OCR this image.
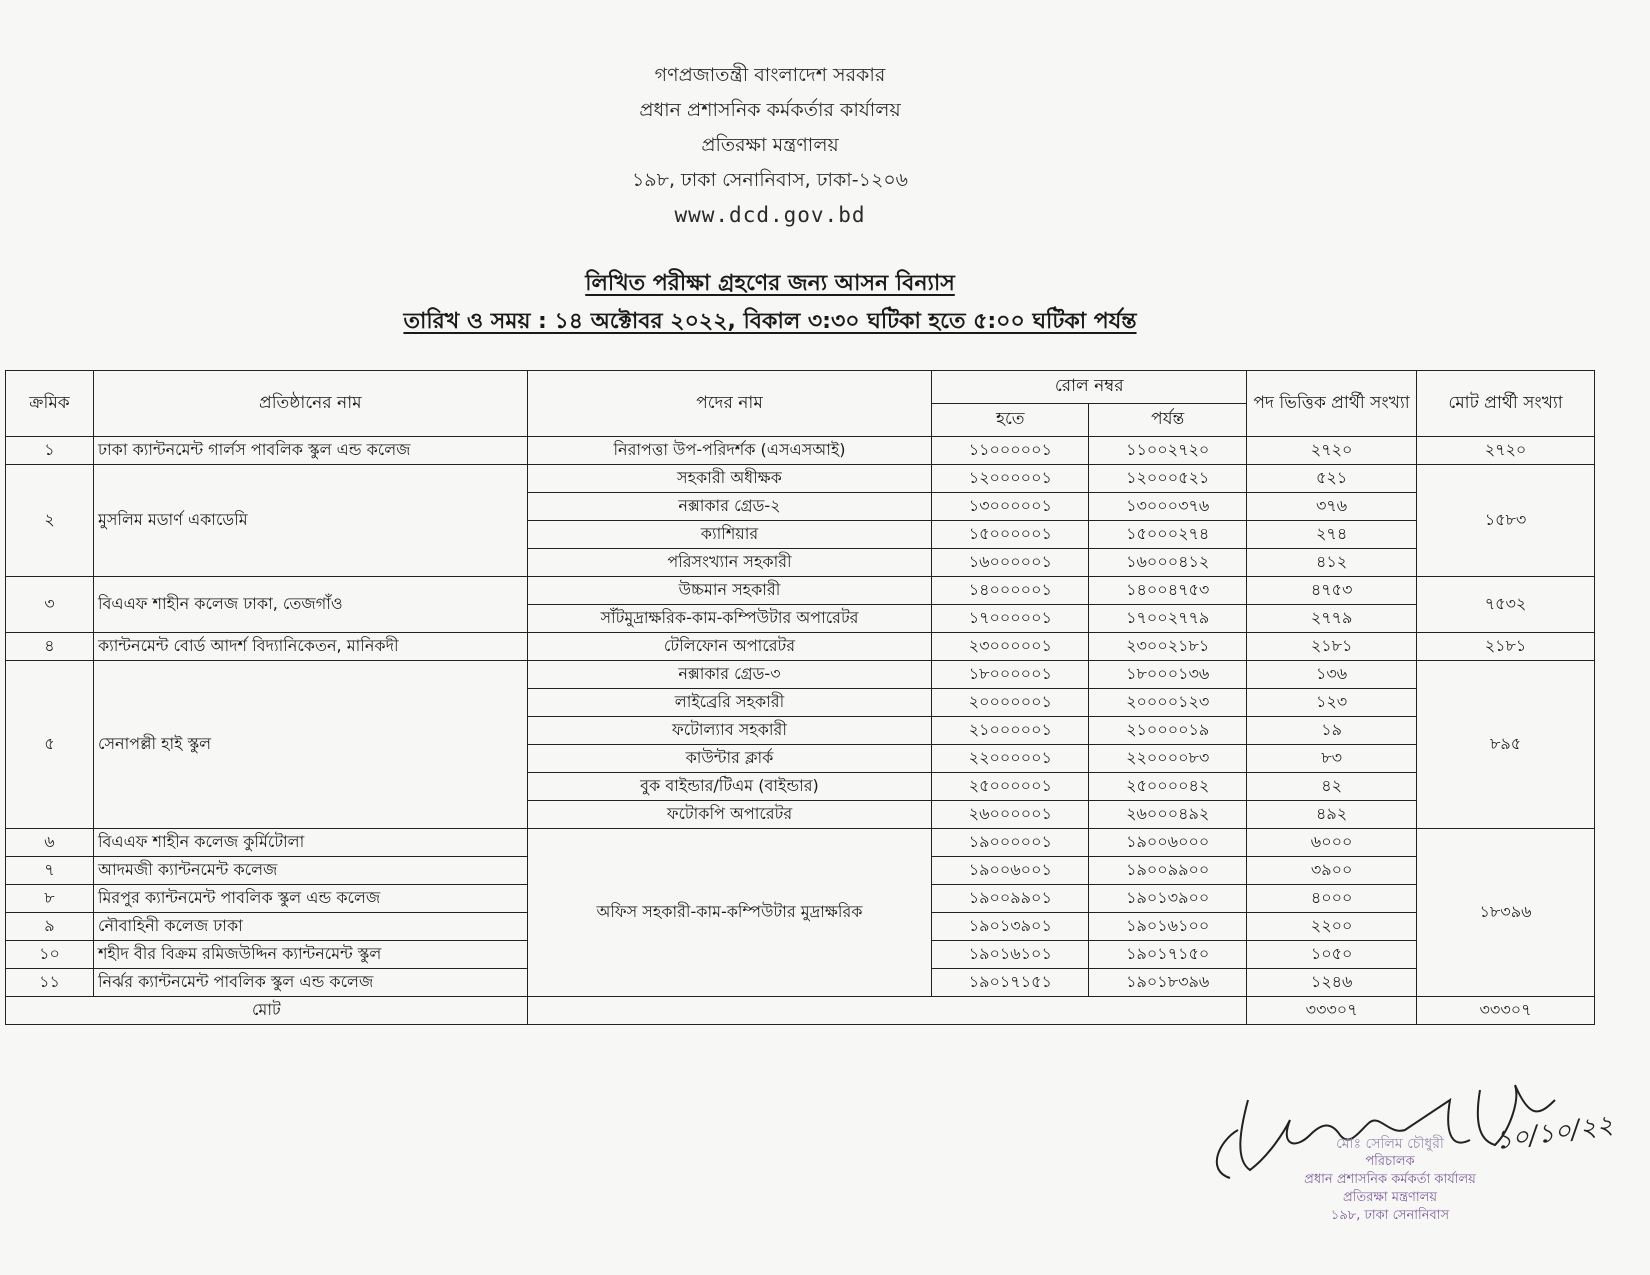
গণপ্রজাতন্ত্রী বাংলাদেশ সরকার
প্রধান প্রশাসনিক কর্মকর্তার কার্যালয়
প্রতিরক্ষা মন্ত্রণালয়
১৯৮, ঢাকা সেনানিবাস, ঢাকা-১২০৬
www.dcd.gov.bd
লিখিত পরীক্ষা গ্রহণের জন্য আসন বিন্যাস
তারিখ ও সময় : ১৪ অক্টোবর ২০২২, বিকাল ৩:৩০ ঘটিকা হতে ৫:০০ ঘটিকা পর্যন্ত
ক্রমিক	প্রতিষ্ঠানের নাম	পদের নাম	রোল নম্বর		পদ ভিত্তিক প্রার্থী সংখ্যা	মোট প্রার্থী সংখ্যা
			হতে	পর্যন্ত		
১	ঢাকা ক্যান্টনমেন্ট গার্লস পাবলিক স্কুল এন্ড কলেজ	নিরাপত্তা উপ-পরিদর্শক (এসএসআই)	১১০০০০০১	১১০০২৭২০	২৭২০	২৭২০
২	মুসলিম মডার্ণ একাডেমি	সহকারী অধীক্ষক	১২০০০০০১	১২০০০৫২১	৫২১	১৫৮৩
		নক্সাকার গ্রেড-২	১৩০০০০০১	১৩০০০৩৭৬	৩৭৬	
		ক্যাশিয়ার	১৫০০০০০১	১৫০০০২৭৪	২৭৪	
		পরিসংখ্যান সহকারী	১৬০০০০০১	১৬০০০৪১২	৪১২	
৩	বিএএফ শাহীন কলেজ ঢাকা, তেজগাঁও	উচ্চমান সহকারী	১৪০০০০০১	১৪০০৪৭৫৩	৪৭৫৩	৭৫৩২
		সাঁটমুদ্রাক্ষরিক-কাম-কম্পিউটার অপারেটর	১৭০০০০০১	১৭০০২৭৭৯	২৭৭৯	
৪	ক্যান্টনমেন্ট বোর্ড আদর্শ বিদ্যানিকেতন, মানিকদী	টেলিফোন অপারেটর	২৩০০০০০১	২৩০০২১৮১	২১৮১	২১৮১
৫	সেনাপল্লী হাই স্কুল	নক্সাকার গ্রেড-৩	১৮০০০০০১	১৮০০০১৩৬	১৩৬	৮৯৫
		লাইব্রেরি সহকারী	২০০০০০০১	২০০০০১২৩	১২৩	
		ফটোল্যাব সহকারী	২১০০০০০১	২১০০০০১৯	১৯	
		কাউন্টার ক্লার্ক	২২০০০০০১	২২০০০০৮৩	৮৩	
		বুক বাইন্ডার/টিএম (বাইন্ডার)	২৫০০০০০১	২৫০০০০৪২	৪২	
		ফটোকপি অপারেটর	২৬০০০০০১	২৬০০০৪৯২	৪৯২	
৬	বিএএফ শাহীন কলেজ কুর্মিটোলা	অফিস সহকারী-কাম-কম্পিউটার মুদ্রাক্ষরিক	১৯০০০০০১	১৯০০৬০০০	৬০০০	১৮৩৯৬
৭	আদমজী ক্যান্টনমেন্ট কলেজ		১৯০০৬০০১	১৯০০৯৯০০	৩৯০০	
৮	মিরপুর ক্যান্টনমেন্ট পাবলিক স্কুল এন্ড কলেজ		১৯০০৯৯০১	১৯০১৩৯০০	৪০০০	
৯	নৌবাহিনী কলেজ ঢাকা		১৯০১৩৯০১	১৯০১৬১০০	২২০০	
১০	শহীদ বীর বিক্রম রমিজউদ্দিন ক্যান্টনমেন্ট স্কুল		১৯০১৬১০১	১৯০১৭১৫০	১০৫০	
১১	নির্ঝর ক্যান্টনমেন্ট পাবলিক স্কুল এন্ড কলেজ		১৯০১৭১৫১	১৯০১৮৩৯৬	১২৪৬	
মোট					৩৩৩০৭	৩৩৩০৭
১০/১০/২২
মোঃ সেলিম চৌধুরী
পরিচালক
প্রধান প্রশাসনিক কর্মকর্তা কার্যালয়
প্রতিরক্ষা মন্ত্রণালয়
১৯৮, ঢাকা সেনানিবাস
